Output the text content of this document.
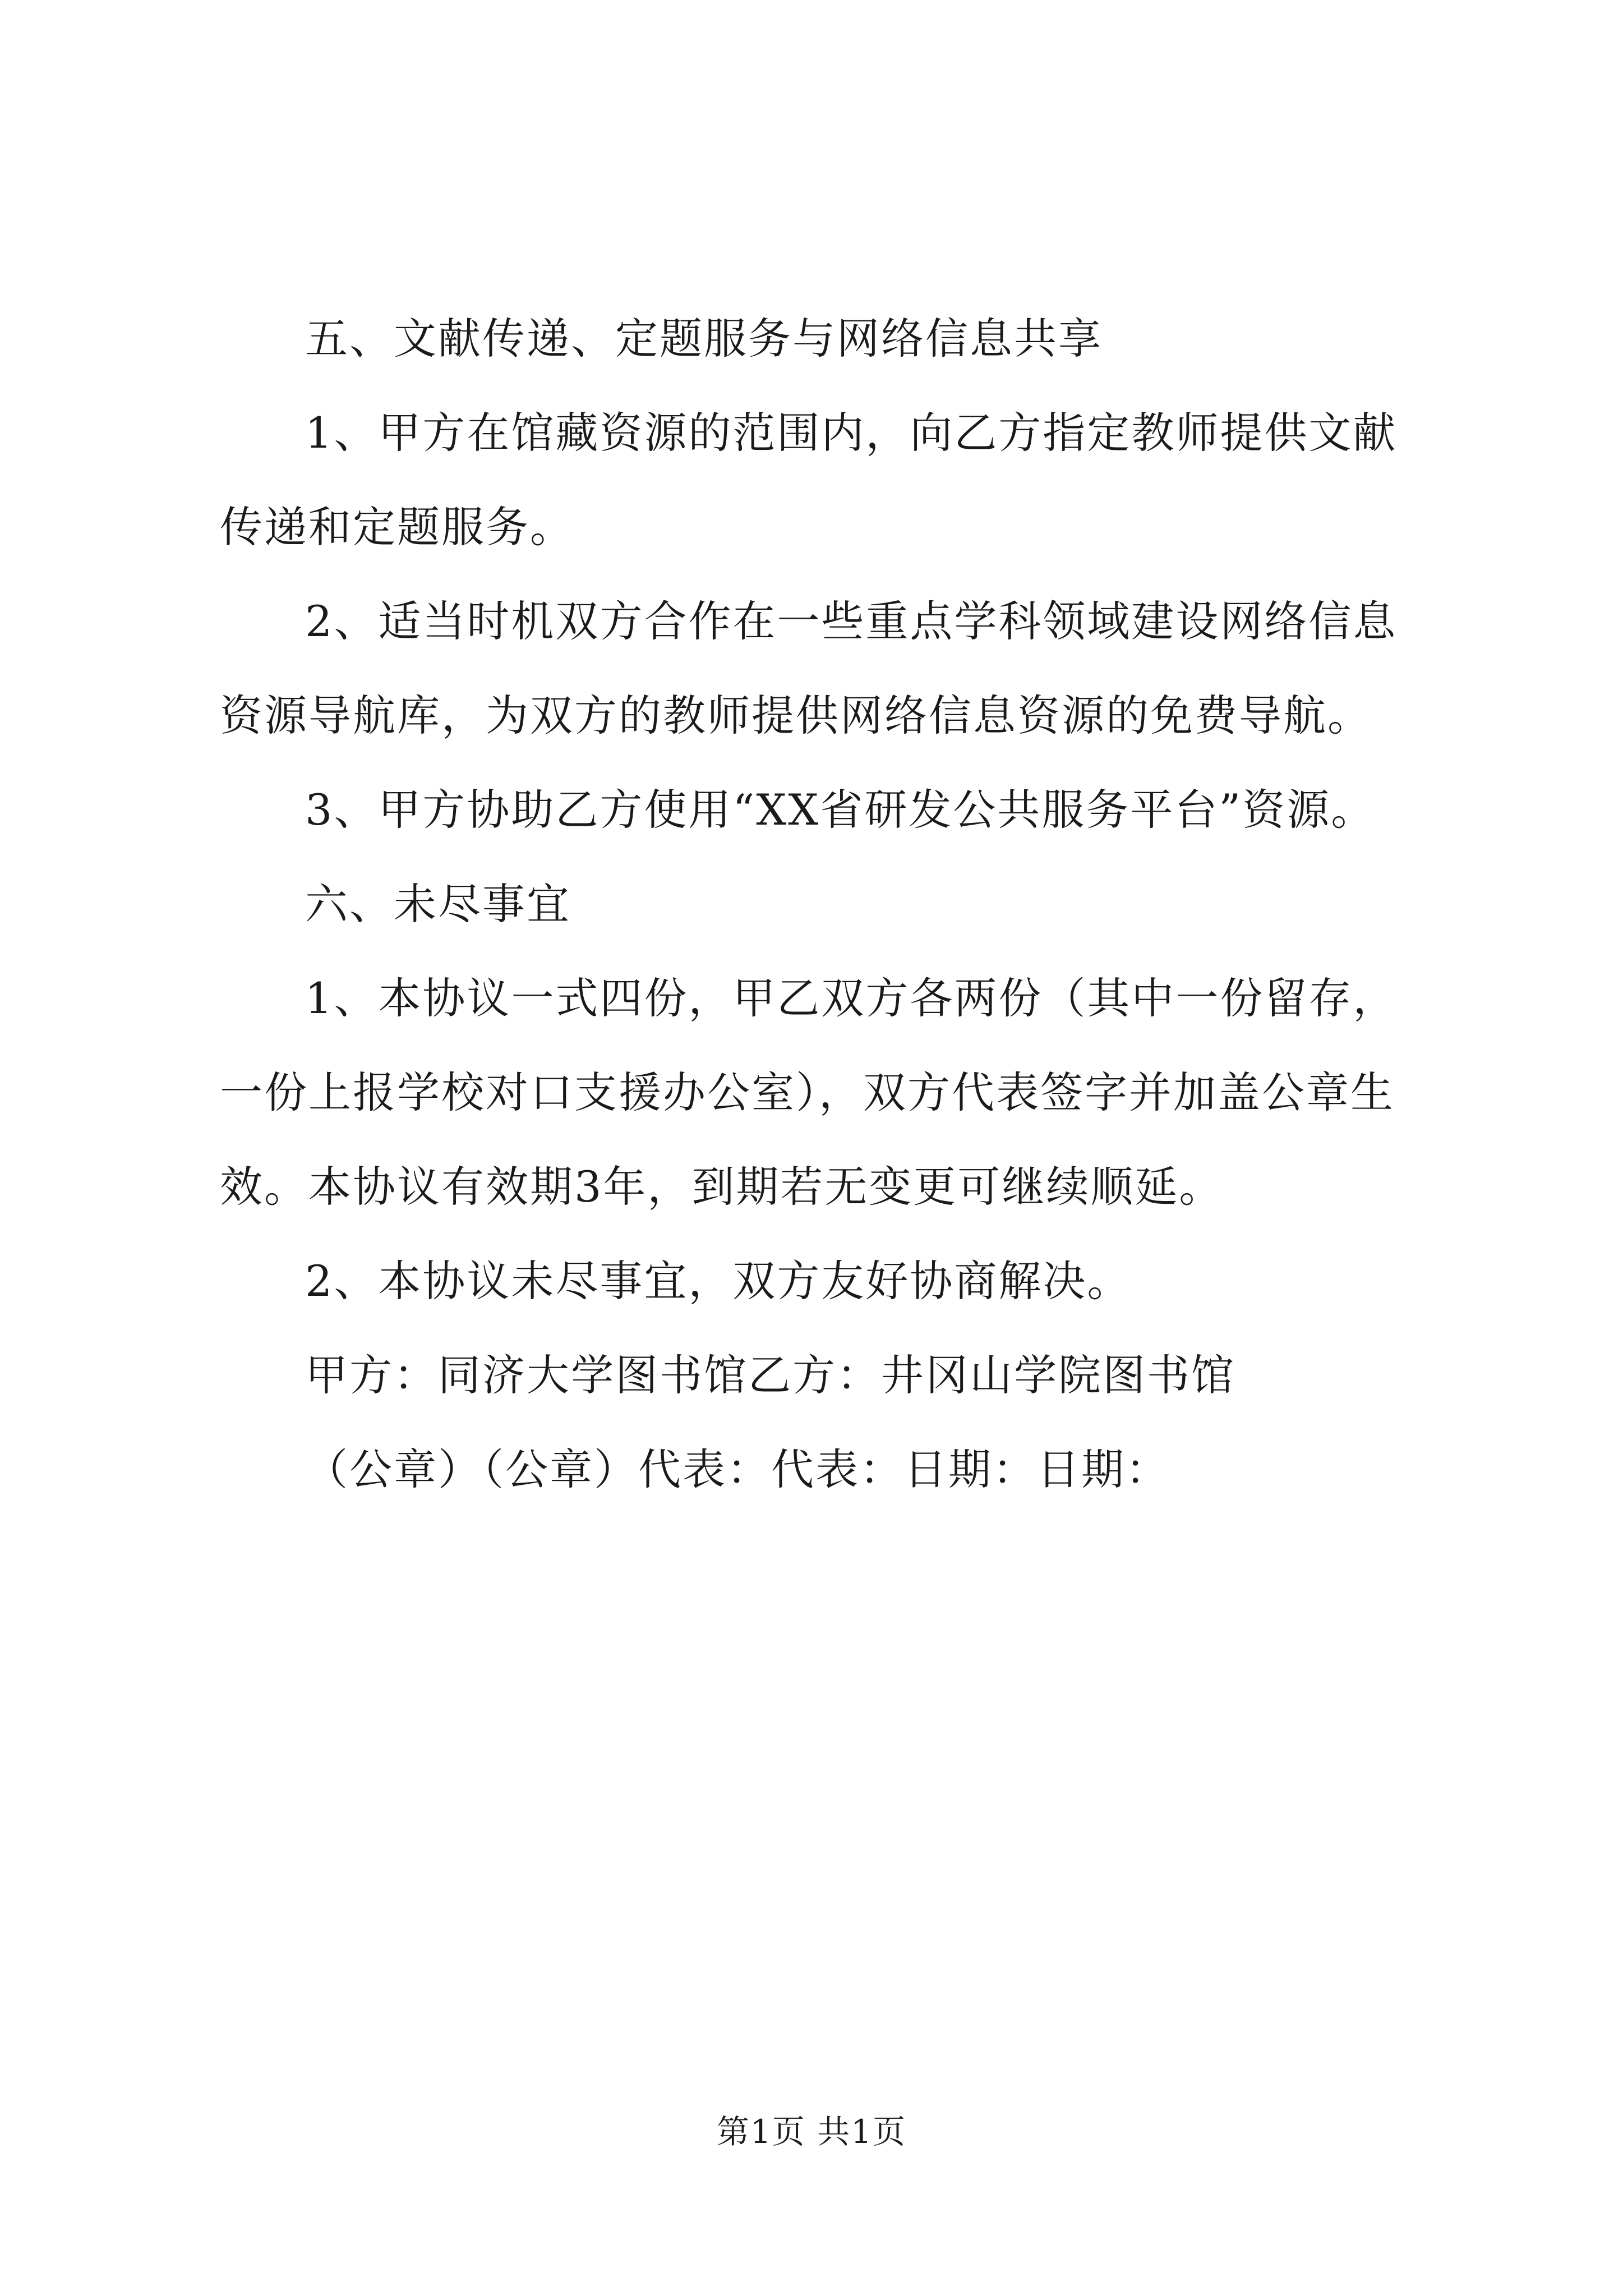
五、文献传递、定题服务与网络信息共享

1、甲方在馆藏资源的范围内，向乙方指定教师提供文献传递和定题服务。

2、适当时机双方合作在一些重点学科领域建设网络信息资源导航库，为双方的教师提供网络信息资源的免费导航。

3、甲方协助乙方使用“XX省研发公共服务平台”资源。

六、未尽事宜

1、本协议一式四份，甲乙双方各两份（其中一份留存，一份上报学校对口支援办公室），双方代表签字并加盖公章生效。本协议有效期3年，到期若无变更可继续顺延。

2、本协议未尽事宜，双方友好协商解决。

甲方：同济大学图书馆乙方：井冈山学院图书馆

（公章）（公章）代表：代表：日期：日期：

第1页 共1页
